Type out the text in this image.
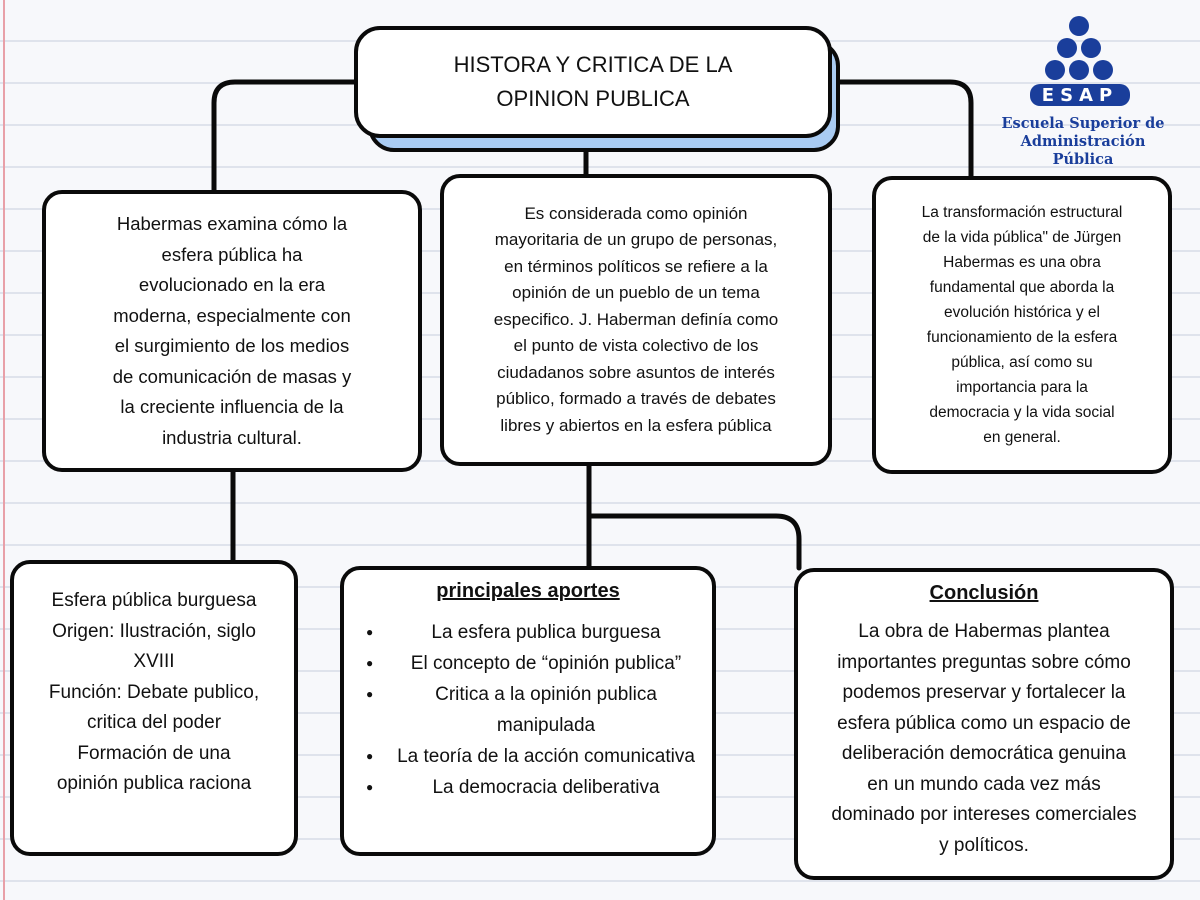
HISTORA Y CRITICA DE LA
OPINION PUBLICA	ESAP
Escuela Superior de
Administración Pública
Habermas examina cómo la
esfera pública ha
evolucionado en la era
moderna, especialmente con
el surgimiento de los medios
de comunicación de masas y
la creciente influencia de la
industria cultural.
Es considerada como opinión
mayoritaria de un grupo de personas,
en términos políticos se refiere a la
opinión de un pueblo de un tema
especifico. J. Haberman definía como
el punto de vista colectivo de los
ciudadanos sobre asuntos de interés
público, formado a través de debates
libres y abiertos en la esfera pública
La transformación estructural
de la vida pública" de Jürgen
Habermas es una obra
fundamental que aborda la
evolución histórica y el
funcionamiento de la esfera
pública, así como su
importancia para la
democracia y la vida social
en general.
Esfera pública burguesa
Origen: Ilustración, siglo
XVIII
Función: Debate publico,
critica del poder
Formación de una
opinión publica raciona
principales aportes
●	La esfera publica burguesa
● El concepto de “opinión publica”
●	Critica a la opinión publica manipulada
● La teoría de la acción comunicativa
●	La democracia deliberativa
Conclusión
La obra de Habermas plantea
importantes preguntas sobre cómo
podemos preservar y fortalecer la
esfera pública como un espacio de
deliberación democrática genuina
en un mundo cada vez más
dominado por intereses comerciales
y políticos.
